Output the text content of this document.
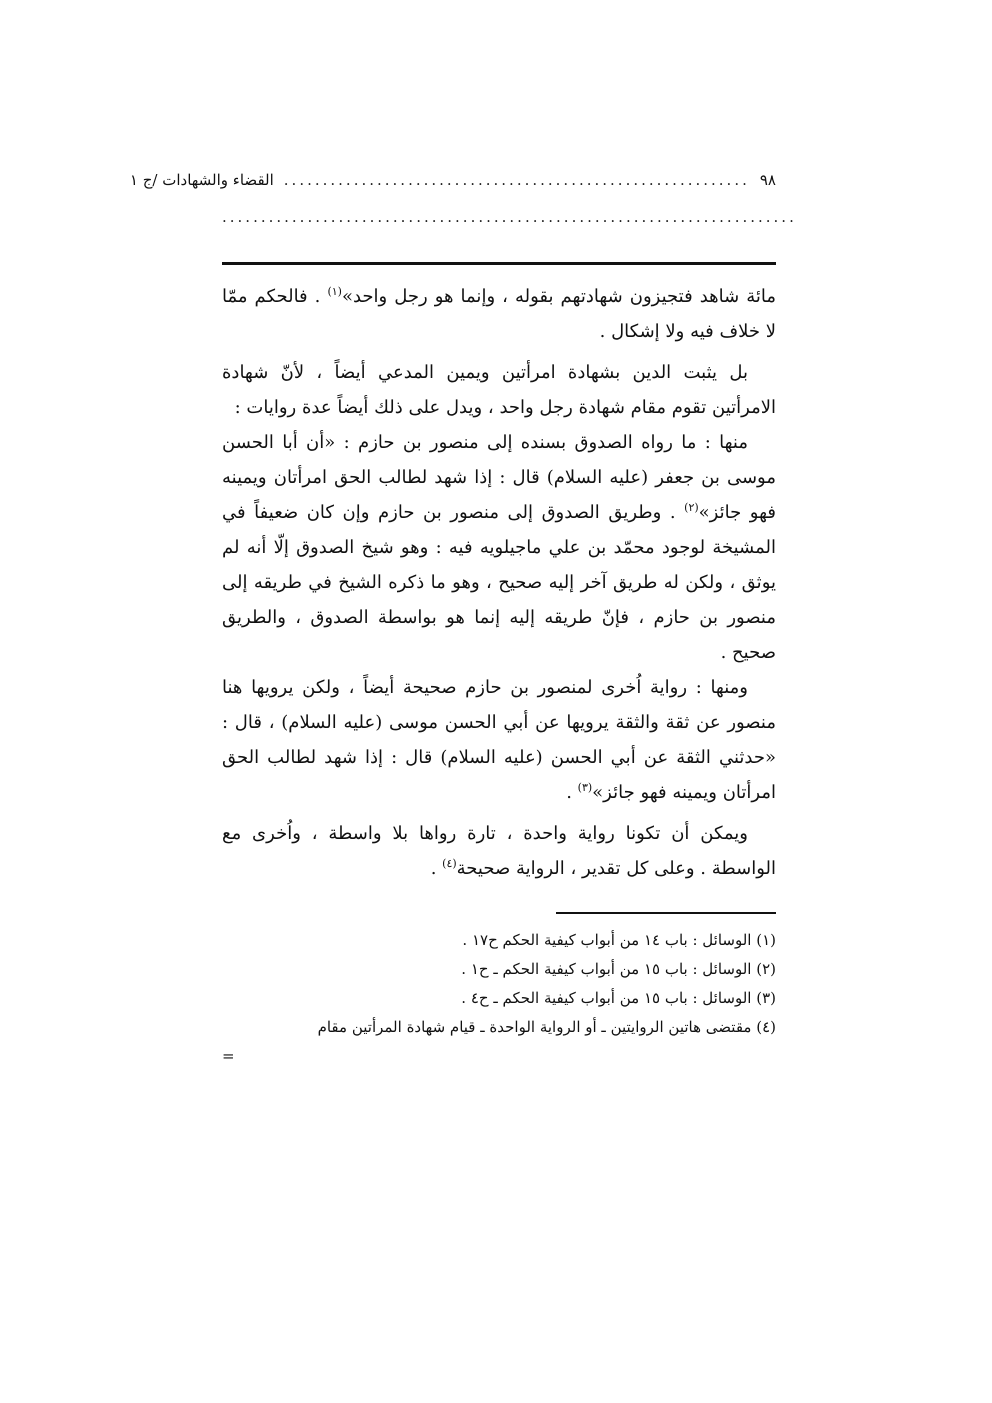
٩٨
............................................................
القضاء والشهادات /ج ١
..........................................................................

مائة شاهد فتجيزون شهادتهم بقوله ، وإنما هو رجل واحد»$^{(١)}$ . فالحكم ممّا لا خلاف فيه ولا إشكال .

بل يثبت الدين بشهادة امرأتين ويمين المدعي أيضاً ، لأنّ شهادة الامرأتين تقوم مقام شهادة رجل واحد ، ويدل على ذلك أيضاً عدة روايات :

منها : ما رواه الصدوق بسنده إلى منصور بن حازم : «أن أبا الحسن موسى بن جعفر (عليه السلام) قال : إذا شهد لطالب الحق امرأتان ويمينه فهو جائز»$^{(٢)}$ . وطريق الصدوق إلى منصور بن حازم وإن كان ضعيفاً في المشيخة لوجود محمّد بن علي ماجيلويه فيه : وهو شيخ الصدوق إلّا أنه لم يوثق ، ولكن له طريق آخر إليه صحيح ، وهو ما ذكره الشيخ في طريقه إلى منصور بن حازم ، فإنّ طريقه إليه إنما هو بواسطة الصدوق ، والطريق صحيح .

ومنها : رواية اُخرى لمنصور بن حازم صحيحة أيضاً ، ولكن يرويها هنا منصور عن ثقة والثقة يرويها عن أبي الحسن موسى (عليه السلام) ، قال : «حدثني الثقة عن أبي الحسن (عليه السلام) قال : إذا شهد لطالب الحق امرأتان ويمينه فهو جائز»$^{(٣)}$ .

ويمكن أن تكونا رواية واحدة ، تارة رواها بلا واسطة ، واُخرى مع الواسطة . وعلى كل تقدير ، الرواية صحيحة$^{(٤)}$ .

(١) الوسائل : باب ١٤ من أبواب كيفية الحكم ح١٧ .
(٢) الوسائل : باب ١٥ من أبواب كيفية الحكم ـ ح١ .
(٣) الوسائل : باب ١٥ من أبواب كيفية الحكم ـ ح٤ .
(٤) مقتضى هاتين الروايتين ـ أو الرواية الواحدة ـ قيام شهادة المرأتين مقام
=
